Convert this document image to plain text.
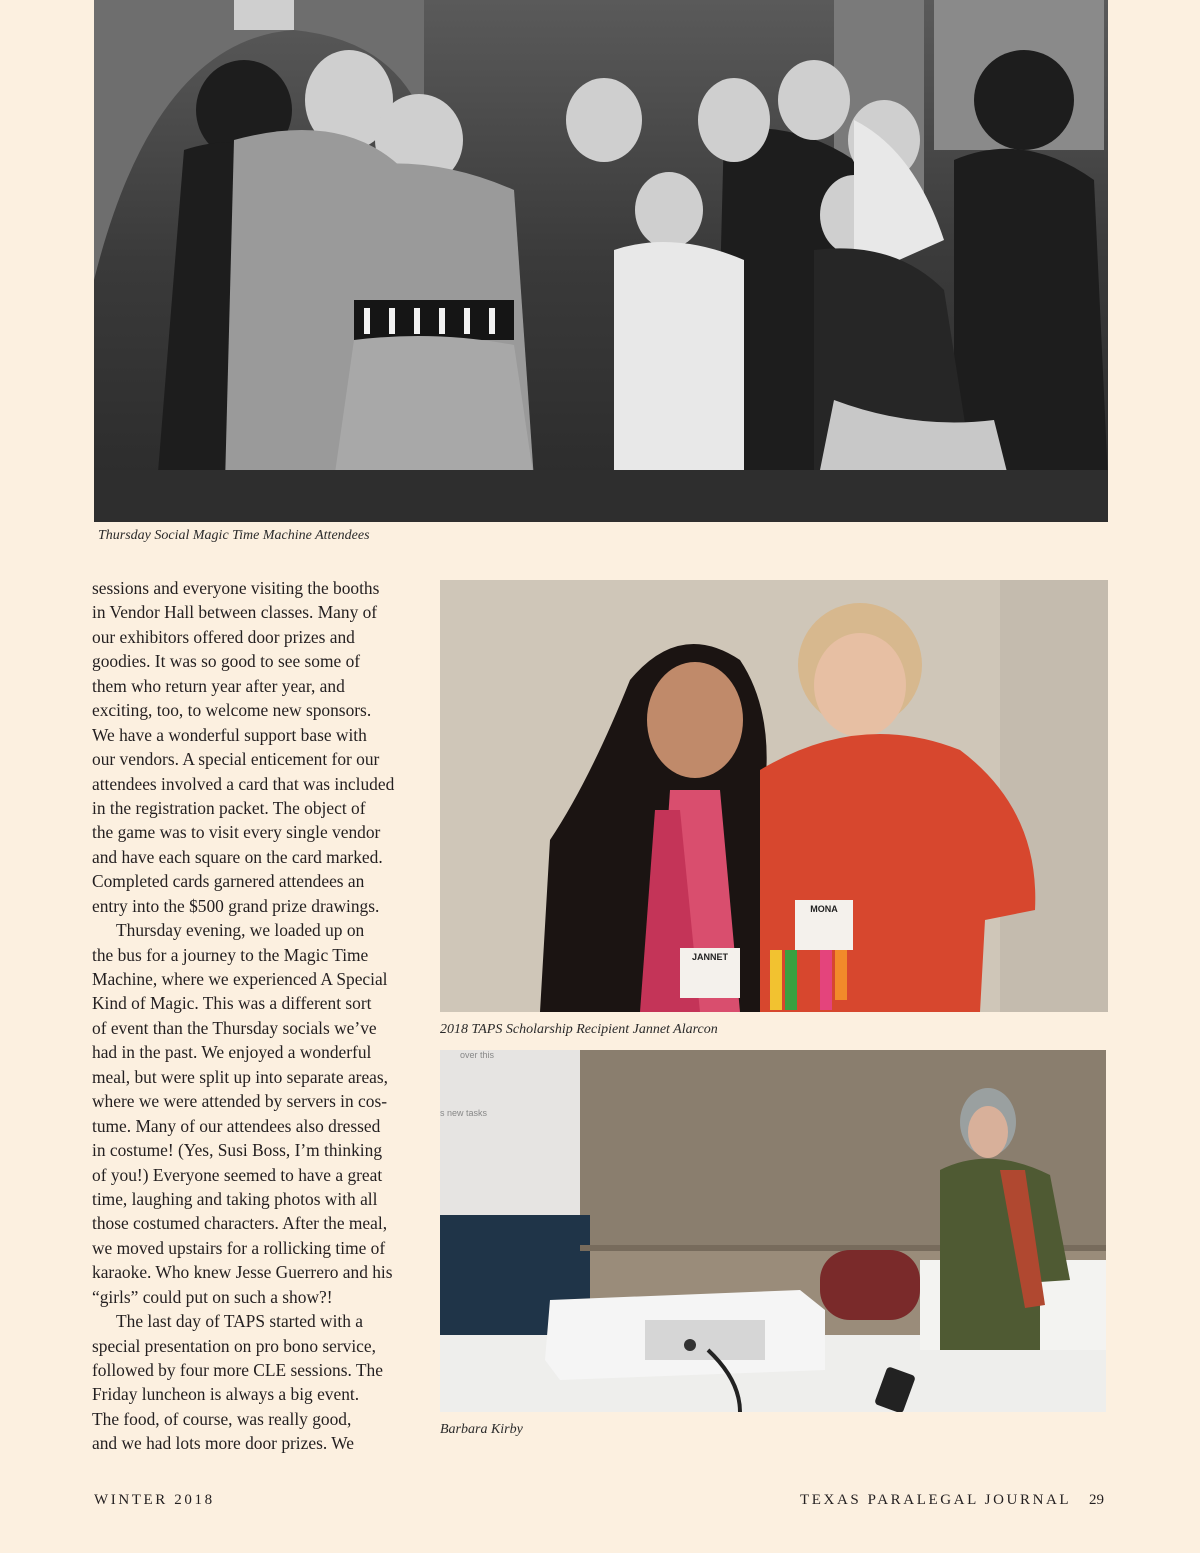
Thursday Social Magic Time Machine Attendees
JANNET
MONA
2018 TAPS Scholarship Recipient Jannet Alarcon
over this
s new tasks
Barbara Kirby
sessions and everyone visiting the booths
in Vendor Hall between classes. Many of
our exhibitors offered door prizes and
goodies. It was so good to see some of
them who return year after year, and
exciting, too, to welcome new sponsors.
We have a wonderful support base with
our vendors. A special enticement for our
attendees involved a card that was included
in the registration packet. The object of
the game was to visit every single vendor
and have each square on the card marked.
Completed cards garnered attendees an
entry into the $500 grand prize drawings.
Thursday evening, we loaded up on
the bus for a journey to the Magic Time
Machine, where we experienced A Special
Kind of Magic. This was a different sort
of event than the Thursday socials we’ve
had in the past. We enjoyed a wonderful
meal, but were split up into separate areas,
where we were attended by servers in cos-
tume. Many of our attendees also dressed
in costume! (Yes, Susi Boss, I’m thinking
of you!) Everyone seemed to have a great
time, laughing and taking photos with all
those costumed characters. After the meal,
we moved upstairs for a rollicking time of
karaoke. Who knew Jesse Guerrero and his
“girls” could put on such a show?!
The last day of TAPS started with a
special presentation on pro bono service,
followed by four more CLE sessions. The
Friday luncheon is always a big event.
The food, of course, was really good,
and we had lots more door prizes. We
WINTER 2018	TEXAS PARALEGAL JOURNAL 29
